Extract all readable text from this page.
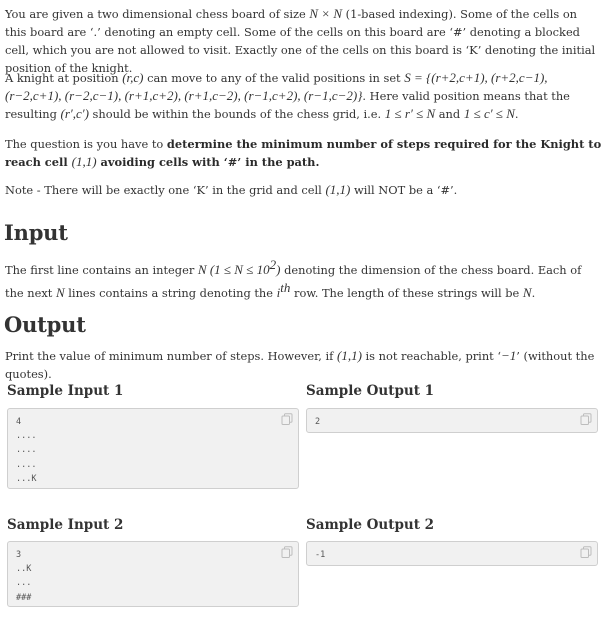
You are given a two dimensional chess board of size N × N (1-based indexing). Some of the cells on this board are ‘.’ denoting an empty cell. Some of the cells on this board are ‘#’ denoting a blocked cell, which you are not allowed to visit. Exactly one of the cells on this board is ‘K’ denoting the initial position of the knight.

A knight at position (r,c) can move to any of the valid positions in set S = {(r+2,c+1), (r+2,c−1), (r−2,c+1), (r−2,c−1), (r+1,c+2), (r+1,c−2), (r−1,c+2), (r−1,c−2)}. Here valid position means that the resulting (r′,c′) should be within the bounds of the chess grid, i.e. 1 ≤ r′ ≤ N and 1 ≤ c′ ≤ N.

The question is you have to determine the minimum number of steps required for the Knight to reach cell (1,1) avoiding cells with ‘#’ in the path.

Note - There will be exactly one ‘K’ in the grid and cell (1,1) will NOT be a ‘#’.

Input

The first line contains an integer N $(1 \le N \le 10^2)$ denoting the dimension of the chess board. Each of the next N lines contains a string denoting the $i^{th}$ row. The length of these strings will be N.

Output

Print the value of minimum number of steps. However, if (1,1) is not reachable, print ‘−1’ (without the quotes).

Sample Input 1
4
....
....
....
...K
Sample Output 1
2
Sample Input 2
3
..K
...
###
Sample Output 2
-1
